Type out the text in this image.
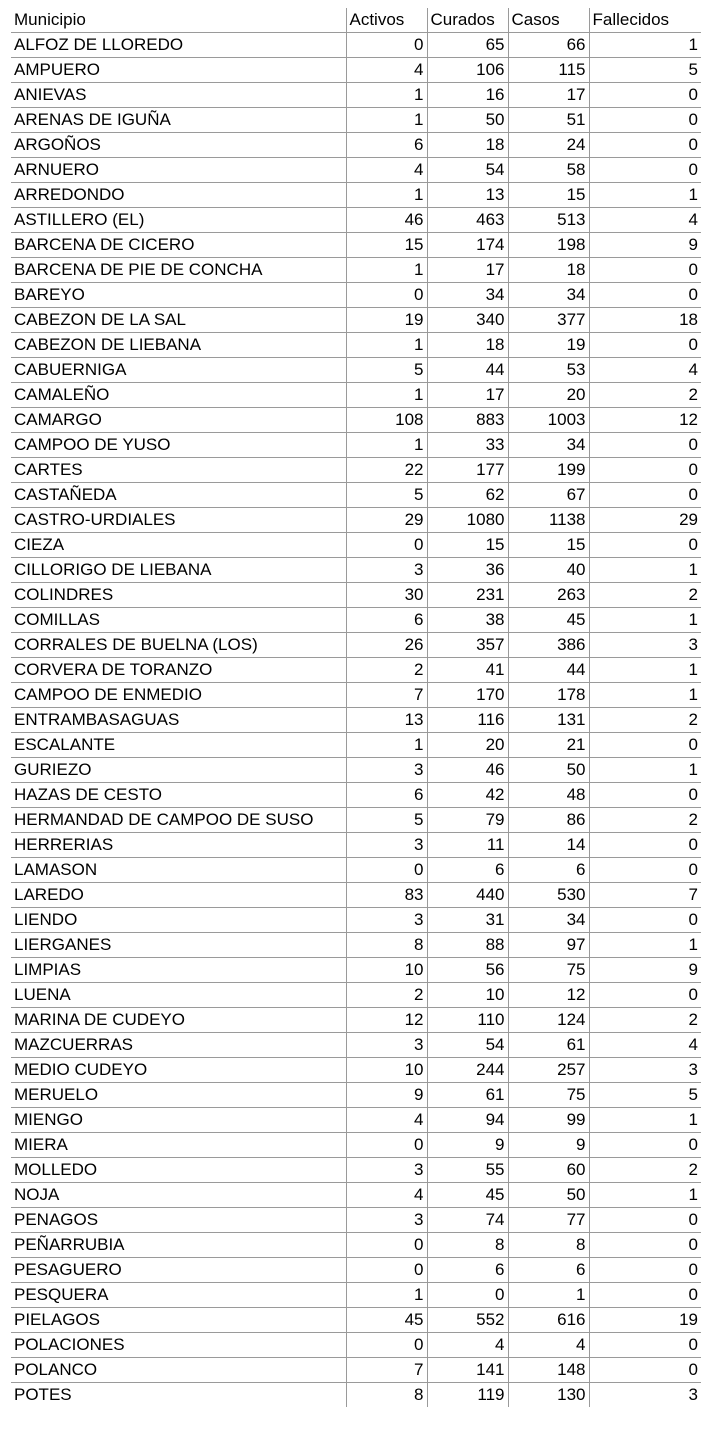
Municipio	Activos	Curados	Casos	Fallecidos
ALFOZ DE LLOREDO	0	65	66	1
AMPUERO	4	106	115	5
ANIEVAS	1	16	17	0
ARENAS DE IGUÑA	1	50	51	0
ARGOÑOS	6	18	24	0
ARNUERO	4	54	58	0
ARREDONDO	1	13	15	1
ASTILLERO (EL)	46	463	513	4
BARCENA DE CICERO	15	174	198	9
BARCENA DE PIE DE CONCHA	1	17	18	0
BAREYO	0	34	34	0
CABEZON DE LA SAL	19	340	377	18
CABEZON DE LIEBANA	1	18	19	0
CABUERNIGA	5	44	53	4
CAMALEÑO	1	17	20	2
CAMARGO	108	883	1003	12
CAMPOO DE YUSO	1	33	34	0
CARTES	22	177	199	0
CASTAÑEDA	5	62	67	0
CASTRO-URDIALES	29	1080	1138	29
CIEZA	0	15	15	0
CILLORIGO DE LIEBANA	3	36	40	1
COLINDRES	30	231	263	2
COMILLAS	6	38	45	1
CORRALES DE BUELNA (LOS)	26	357	386	3
CORVERA DE TORANZO	2	41	44	1
CAMPOO DE ENMEDIO	7	170	178	1
ENTRAMBASAGUAS	13	116	131	2
ESCALANTE	1	20	21	0
GURIEZO	3	46	50	1
HAZAS DE CESTO	6	42	48	0
HERMANDAD DE CAMPOO DE SUSO	5	79	86	2
HERRERIAS	3	11	14	0
LAMASON	0	6	6	0
LAREDO	83	440	530	7
LIENDO	3	31	34	0
LIERGANES	8	88	97	1
LIMPIAS	10	56	75	9
LUENA	2	10	12	0
MARINA DE CUDEYO	12	110	124	2
MAZCUERRAS	3	54	61	4
MEDIO CUDEYO	10	244	257	3
MERUELO	9	61	75	5
MIENGO	4	94	99	1
MIERA	0	9	9	0
MOLLEDO	3	55	60	2
NOJA	4	45	50	1
PENAGOS	3	74	77	0
PEÑARRUBIA	0	8	8	0
PESAGUERO	0	6	6	0
PESQUERA	1	0	1	0
PIELAGOS	45	552	616	19
POLACIONES	0	4	4	0
POLANCO	7	141	148	0
POTES	8	119	130	3
